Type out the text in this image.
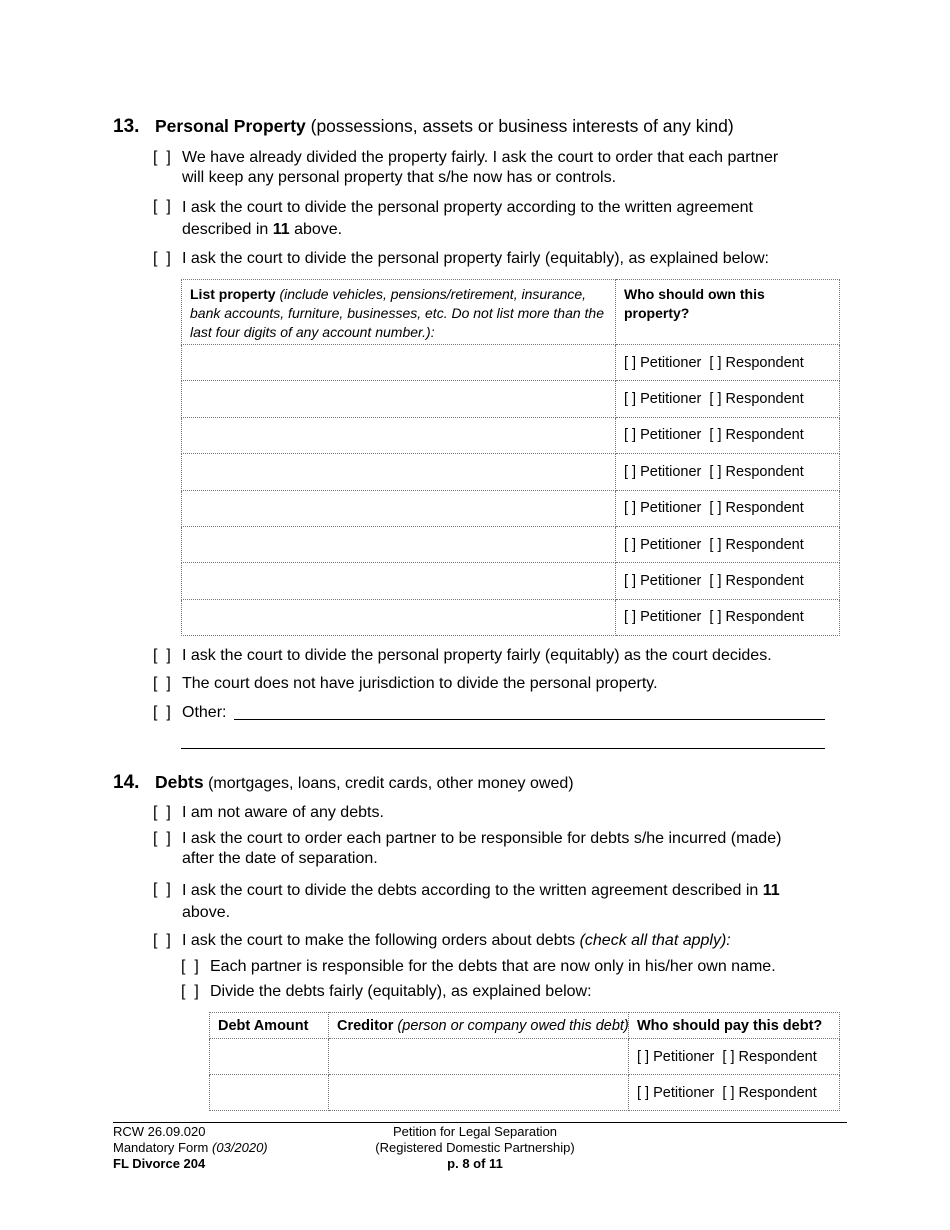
13. Personal Property (possessions, assets or business interests of any kind)
[  ] We have already divided the property fairly. I ask the court to order that each partner
will keep any personal property that s/he now has or controls.
[  ] I ask the court to divide the personal property according to the written agreement
described in 11 above.
[  ] I ask the court to divide the personal property fairly (equitably), as explained below:
List property (include vehicles, pensions/retirement, insurance, bank accounts, furniture, businesses, etc. Do not list more than the last four digits of any account number.):	Who should own this property?
	[ ] Petitioner  [ ] Respondent
	[ ] Petitioner  [ ] Respondent
	[ ] Petitioner  [ ] Respondent
	[ ] Petitioner  [ ] Respondent
	[ ] Petitioner  [ ] Respondent
	[ ] Petitioner  [ ] Respondent
	[ ] Petitioner  [ ] Respondent
	[ ] Petitioner  [ ] Respondent
[  ] I ask the court to divide the personal property fairly (equitably) as the court decides.
[  ] The court does not have jurisdiction to divide the personal property.
[  ] Other:
14. Debts (mortgages, loans, credit cards, other money owed)
[  ] I am not aware of any debts.
[  ] I ask the court to order each partner to be responsible for debts s/he incurred (made)
after the date of separation.
[  ] I ask the court to divide the debts according to the written agreement described in 11
above.
[  ] I ask the court to make the following orders about debts (check all that apply):
[  ] Each partner is responsible for the debts that are now only in his/her own name.
[  ] Divide the debts fairly (equitably), as explained below:
Debt Amount	Creditor (person or company owed this debt)	Who should pay this debt?
		[ ] Petitioner  [ ] Respondent
		[ ] Petitioner  [ ] Respondent
RCW 26.09.020
Mandatory Form (03/2020)
FL Divorce 204
Petition for Legal Separation
(Registered Domestic Partnership)
p. 8 of 11
